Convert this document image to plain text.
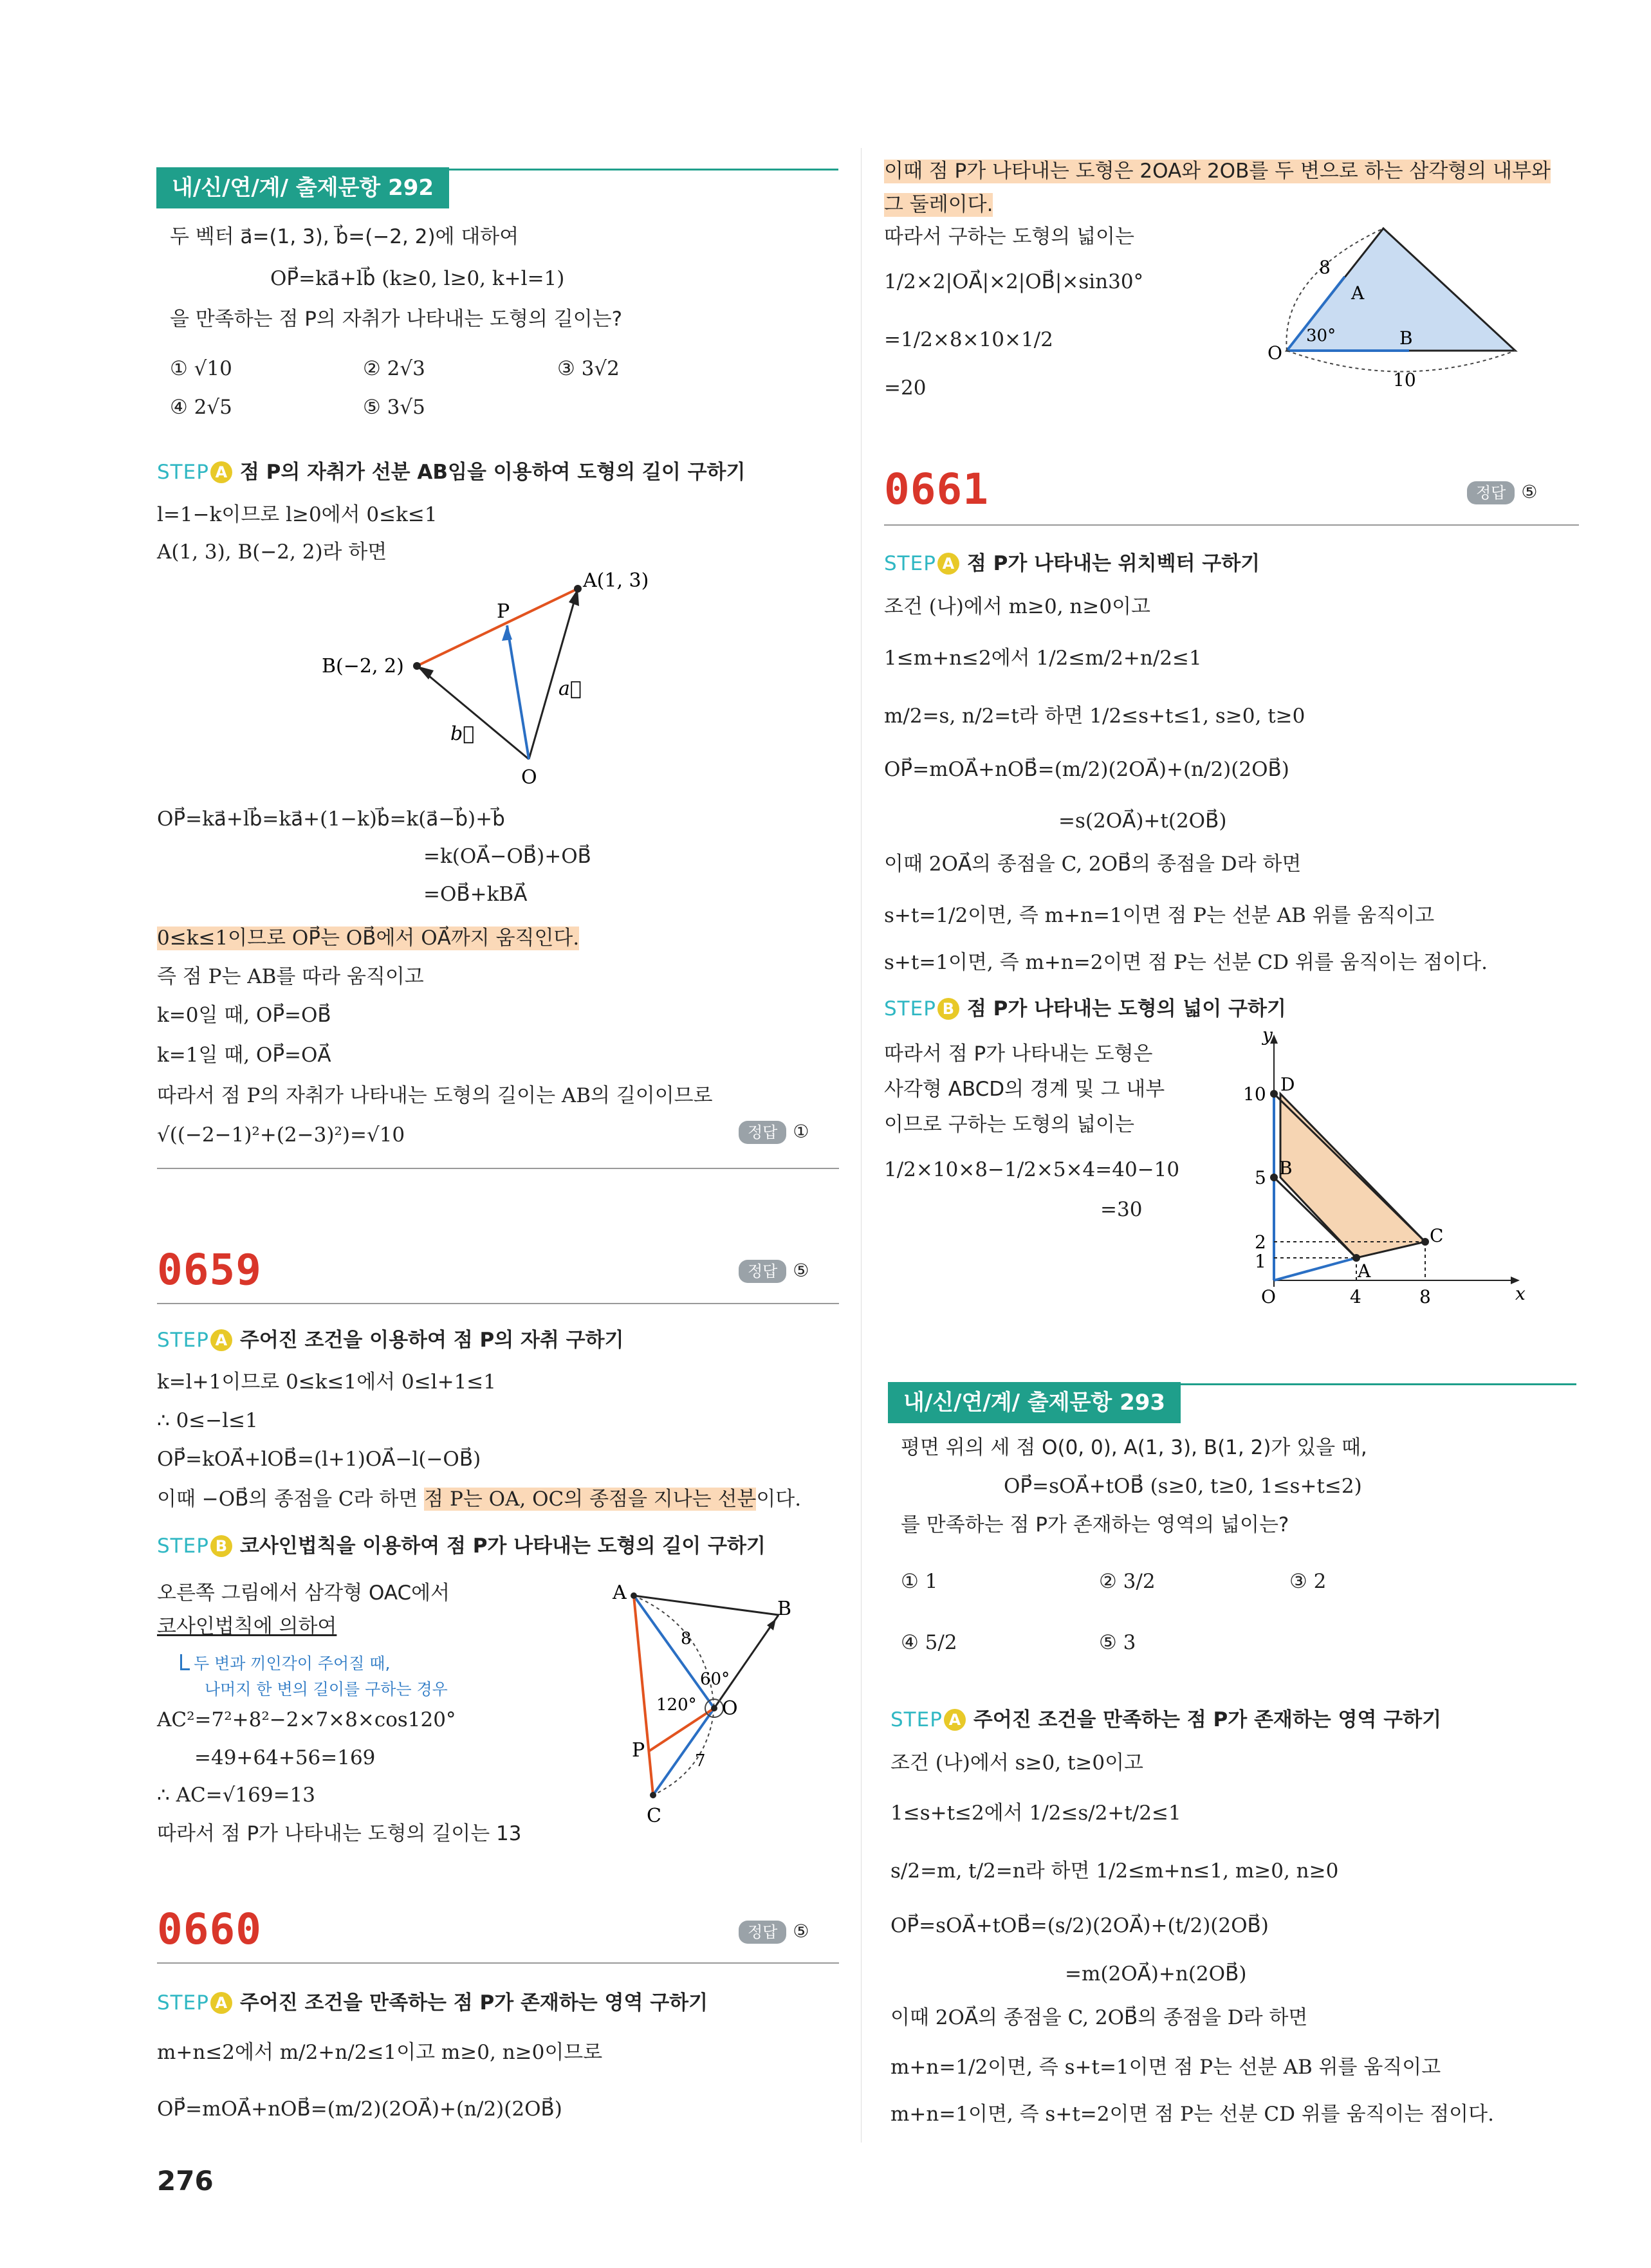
내/신/연/계/ 출제문항 292
두 벡터 a⃗=(1, 3), b⃗=(−2, 2)에 대하여
OP⃗=ka⃗+lb⃗ (k≥0, l≥0, k+l=1)
을 만족하는 점 P의 자취가 나타내는 도형의 길이는?
① √10	② 2√3	③ 3√2
④ 2√5	⑤ 3√5
STEP A 점 P의 자취가 선분 AB임을 이용하여 도형의 길이 구하기
l=1−k이므로 l≥0에서 0≤k≤1
A(1, 3), B(−2, 2)라 하면
A(1, 3)
B(−2, 2)
P
O
a⃗
b⃗
OP⃗=ka⃗+lb⃗=ka⃗+(1−k)b⃗=k(a⃗−b⃗)+b⃗
=k(OA⃗−OB⃗)+OB⃗
=OB⃗+kBA⃗
0≤k≤1이므로 OP⃗는 OB⃗에서 OA⃗까지 움직인다.
즉 점 P는 AB를 따라 움직이고
k=0일 때, OP⃗=OB⃗
k=1일 때, OP⃗=OA⃗
따라서 점 P의 자취가 나타내는 도형의 길이는 AB의 길이이므로
√((−2−1)²+(2−3)²)=√10	정답 ①
0659	정답 ⑤
STEP A 주어진 조건을 이용하여 점 P의 자취 구하기
k=l+1이므로 0≤k≤1에서 0≤l+1≤1
∴ 0≤−l≤1
OP⃗=kOA⃗+lOB⃗=(l+1)OA⃗−l(−OB⃗)
이때 −OB⃗의 종점을 C라 하면 점 P는 OA, OC의 종점을 지나는 선분이다.
STEP B 코사인법칙을 이용하여 점 P가 나타내는 도형의 길이 구하기
오른쪽 그림에서 삼각형 OAC에서
코사인법칙에 의하여
두 변과 끼인각이 주어질 때,
나머지 한 변의 길이를 구하는 경우
AC²=7²+8²−2×7×8×cos120°
=49+64+56=169
∴ AC=√169=13
따라서 점 P가 나타내는 도형의 길이는 13
A
B
C
O
P
8
7
60°
120°
0660	정답 ⑤
STEP A 주어진 조건을 만족하는 점 P가 존재하는 영역 구하기
m+n≤2에서 m/2+n/2≤1이고 m≥0, n≥0이므로
OP⃗=mOA⃗+nOB⃗=(m/2)(2OA⃗)+(n/2)(2OB⃗)
276
이때 점 P가 나타내는 도형은 2OA와 2OB를 두 변으로 하는 삼각형의 내부와
그 둘레이다.
따라서 구하는 도형의 넓이는
1/2×2|OA⃗|×2|OB⃗|×sin30°
=1/2×8×10×1/2
=20
O
A
B
8
10
30°
0661	정답 ⑤
STEP A 점 P가 나타내는 위치벡터 구하기
조건 (나)에서 m≥0, n≥0이고
1≤m+n≤2에서 1/2≤m/2+n/2≤1
m/2=s, n/2=t라 하면 1/2≤s+t≤1, s≥0, t≥0
OP⃗=mOA⃗+nOB⃗=(m/2)(2OA⃗)+(n/2)(2OB⃗)
=s(2OA⃗)+t(2OB⃗)
이때 2OA⃗의 종점을 C, 2OB⃗의 종점을 D라 하면
s+t=1/2이면, 즉 m+n=1이면 점 P는 선분 AB 위를 움직이고
s+t=1이면, 즉 m+n=2이면 점 P는 선분 CD 위를 움직이는 점이다.
STEP B 점 P가 나타내는 도형의 넓이 구하기
따라서 점 P가 나타내는 도형은
사각형 ABCD의 경계 및 그 내부
이므로 구하는 도형의 넓이는
1/2×10×8−1/2×5×4=40−10
=30
y
x
O
D
B
A
C
10
5
2
1
4	8
내/신/연/계/ 출제문항 293
평면 위의 세 점 O(0, 0), A(1, 3), B(1, 2)가 있을 때,
OP⃗=sOA⃗+tOB⃗ (s≥0, t≥0, 1≤s+t≤2)
를 만족하는 점 P가 존재하는 영역의 넓이는?
① 1	② 3/2	③ 2
④ 5/2	⑤ 3
STEP A 주어진 조건을 만족하는 점 P가 존재하는 영역 구하기
조건 (나)에서 s≥0, t≥0이고
1≤s+t≤2에서 1/2≤s/2+t/2≤1
s/2=m, t/2=n라 하면 1/2≤m+n≤1, m≥0, n≥0
OP⃗=sOA⃗+tOB⃗=(s/2)(2OA⃗)+(t/2)(2OB⃗)
=m(2OA⃗)+n(2OB⃗)
이때 2OA⃗의 종점을 C, 2OB⃗의 종점을 D라 하면
m+n=1/2이면, 즉 s+t=1이면 점 P는 선분 AB 위를 움직이고
m+n=1이면, 즉 s+t=2이면 점 P는 선분 CD 위를 움직이는 점이다.
